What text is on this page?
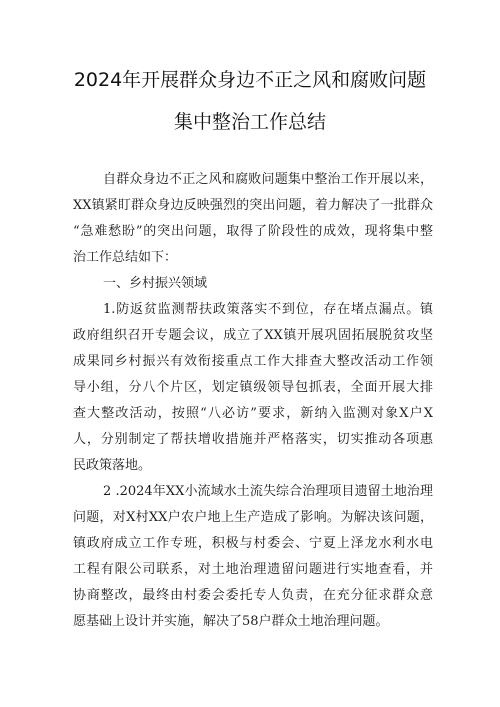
2024年开展群众身边不正之风和腐败问题
集中整治工作总结
自群众身边不正之风和腐败问题集中整治工作开展以来，
XX镇紧盯群众身边反映强烈的突出问题，着力解决了一批群众
“急难愁盼”的突出问题，取得了阶段性的成效，现将集中整
治工作总结如下：
一、乡村振兴领域
1.防返贫监测帮扶政策落实不到位，存在堵点漏点。镇
政府组织召开专题会议，成立了XX镇开展巩固拓展脱贫攻坚
成果同乡村振兴有效衔接重点工作大排查大整改活动工作领
导小组，分八个片区，划定镇级领导包抓表，全面开展大排
查大整改活动，按照“八必访”要求，新纳入监测对象X户X
人，分别制定了帮扶增收措施并严格落实，切实推动各项惠
民政策落地。
2 .2024年XX小流域水土流失综合治理项目遗留土地治理
问题，对X村XX户农户地上生产造成了影响。为解决该问题，
镇政府成立工作专班，积极与村委会、宁夏上泽龙水利水电
工程有限公司联系，对土地治理遗留问题进行实地查看，并
协商整改，最终由村委会委托专人负责，在充分征求群众意
愿基础上设计并实施，解决了58户群众土地治理问题。
